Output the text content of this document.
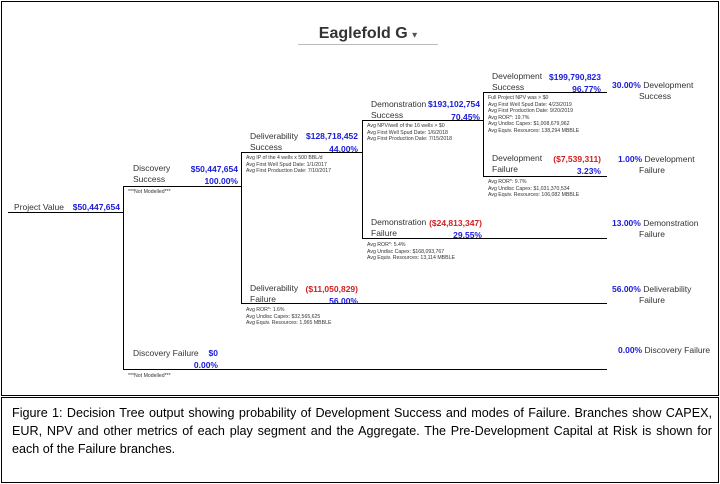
Eaglefold G ▾
Project Value	$50,447,654
Discovery
Success
$50,447,654
100.00%
***Not Modelled***
Discovery Failure	$0
0.00%
***Not Modelled***
Deliverability
Success
$128,718,452
44.00%
Avg IP of the 4 wells x 500 BBL/d
Avg First Well Spud Date: 1/1/2017
Avg First Production Date: 7/10/2017
Deliverability
Failure
($11,050,829)
56.00%
Avg ROR*: 1.6%
Avg Undisc Capex: $32,565,625
Avg Equiv. Resources: 1,965 MBBLE
Demonstration
Success
$193,102,754
70.45%
Avg NPV/well of the 16 wells > $0
Avg First Well Spud Date: 1/6/2018
Avg First Production Date: 7/15/2018
Demonstration
Failure
($24,813,347)
29.55%
Avg ROR*: 5.4%
Avg Undisc Capex: $168,093,767
Avg Equiv. Resources: 13,114 MBBLE
Development
Success
$199,790,823
96.77%
Full Project NPV was > $0
Avg First Well Spud Date: 4/23/2019
Avg First Production Date: 9/20/2019
Avg ROR*: 19.7%
Avg Undisc Capex: $1,008,679,962
Avg Equiv. Resources: 138,294 MBBLE
Development
Failure
($7,539,311)
3.23%
Avg ROR*: 9.7%
Avg Undisc Capex: $1,031,370,534
Avg Equiv. Resources: 106,082 MBBLE
30.00% Development
Success
1.00% Development
Failure
13.00% Demonstration
Failure
56.00% Deliverability
Failure
0.00% Discovery Failure
Figure 1: Decision Tree output showing probability of Development Success and modes of Failure. Branches show CAPEX, EUR, NPV and other metrics of each play segment and the Aggregate. The Pre-Development Capital at Risk is shown for each of the Failure branches.
